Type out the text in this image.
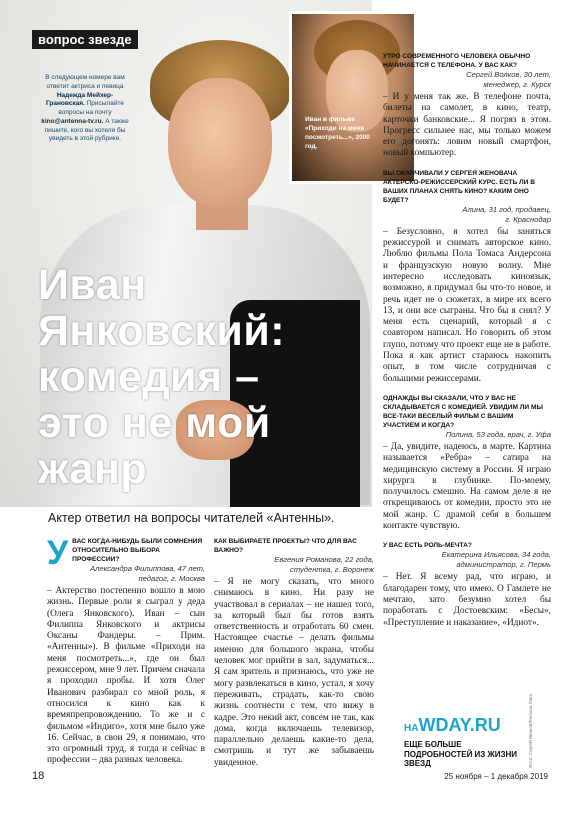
вопрос звезде
В следующем номере вам ответит актриса и певица Надежда Мейхер-Грановская. Присылайте вопросы на почту kino@antenna-tv.ru. А также пишите, кого вы хотели бы увидеть в этой рубрике.
Иван в фильме «Приходи на меня посмотреть...», 2000 год.
Иван
Янковский:
комедия –
это не мой
жанр
Актер ответил на вопросы читателей «Антенны».
УТРО СОВРЕМЕННОГО ЧЕЛОВЕКА ОБЫЧНО НАЧИНАЕТСЯ С ТЕЛЕФОНА. У ВАС КАК?
Сергей Волков, 30 лет,
менеджер, г. Курск
– И у меня так же. В телефоне почта, билеты на самолет, в кино, театр, карточки банковские... Я погряз в этом. Прогресс сильнее нас, мы только можем его догонять: ловим новый смартфон, новый компьютер.
ВЫ ОКАНЧИВАЛИ У СЕРГЕЯ ЖЕНОВАЧА АКТЕРСКО-РЕЖИССЕРСКИЙ КУРС. ЕСТЬ ЛИ В ВАШИХ ПЛАНАХ СНЯТЬ КИНО? КАКИМ ОНО БУДЕТ?
Алина, 31 год, продавец,
г. Краснодар
– Безусловно, я хотел бы заняться режиссурой и снимать авторское кино. Люблю фильмы Пола Томаса Андерсона и французскую новую волну. Мне интересно исследовать киноязык, возможно, я придумал бы что-то новое, и речь идет не о сюжетах, в мире их всего 13, и они все сыграны. Что бы я снял? У меня есть сценарий, который я с соавтором написал. Но говорить об этом глупо, потому что проект еще не в работе. Пока я как артист стараюсь накопить опыт, в том числе сотрудничая с большими режиссерами.
ОДНАЖДЫ ВЫ СКАЗАЛИ, ЧТО У ВАС НЕ СКЛАДЫВАЕТСЯ С КОМЕДИЕЙ. УВИДИМ ЛИ МЫ ВСЕ-ТАКИ ВЕСЕЛЫЙ ФИЛЬМ С ВАШИМ УЧАСТИЕМ И КОГДА?
Полина, 53 года, врач, г. Уфа
– Да, увидите, надеюсь, в марте. Картина называется «Ребра» – сатира на медицинскую систему в России. Я играю хирурга в глубинке. По-моему, получилось смешно. На самом деле я не открещиваюсь от комедии, просто это не мой жанр. С драмой себя в большем контакте чувствую.
У ВАС ЕСТЬ РОЛЬ-МЕЧТА?
Екатерина Ильясова, 34 года,
администратор, г. Пермь
– Нет. Я всему рад, что играю, и благодарен тому, что имею. О Гамлете не мечтаю, зато безумно хотел бы поработать с Достоевским: «Бесы», «Преступление и наказание», «Идиот».
У ВАС КОГДА-НИБУДЬ БЫЛИ СОМНЕНИЯ ОТНОСИТЕЛЬНО ВЫБОРА ПРОФЕССИИ?
Александра Филиппова, 47 лет,
педагог, г. Москва
– Актерство постепенно вошло в мою жизнь. Первые роли я сыграл у деда (Олега Янковского). Иван – сын Филиппа Янковского и актрисы Оксаны Фандеры. – Прим. «Антенны»). В фильме «Приходи на меня посмотреть...», где он был режиссером, мне 9 лет. Причем сначала я проходил пробы. И хотя Олег Иванович разбирал со мной роль, я относился к кино как к времяпрепровождению. То же и с фильмом «Индиго», хотя мне было уже 16. Сейчас, в свои 29, я понимаю, что это огромный труд, я тогда и сейчас в профессии – два разных человека.
КАК ВЫБИРАЕТЕ ПРОЕКТЫ? ЧТО ДЛЯ ВАС ВАЖНО?
Евгения Романова, 22 года,
студентка, г. Воронеж
– Я не могу сказать, что много снимаюсь в кино. Ни разу не участвовал в сериалах – не нашел того, за который был бы готов взять ответственность и отработать 60 смен. Настоящее счастье – делать фильмы именно для большого экрана, чтобы человек мог прийти в зал, задуматься... Я сам зритель и признаюсь, что уже не могу развлекаться в кино, устал, я хочу переживать, страдать, как-то свою жизнь соотнести с тем, что вижу в кадре. Это некий акт, совсем не так, как дома, когда включаешь телевизор, параллельно делаешь какие-то дела, смотришь и тут же забываешь увиденное.
НАWDAY.RU
ЕЩЕ БОЛЬШЕ ПОДРОБНОСТЕЙ ИЗ ЖИЗНИ ЗВЕЗД	Фото: Сергей Иванов/Persona Stars
18	25 ноября – 1 декабря 2019
